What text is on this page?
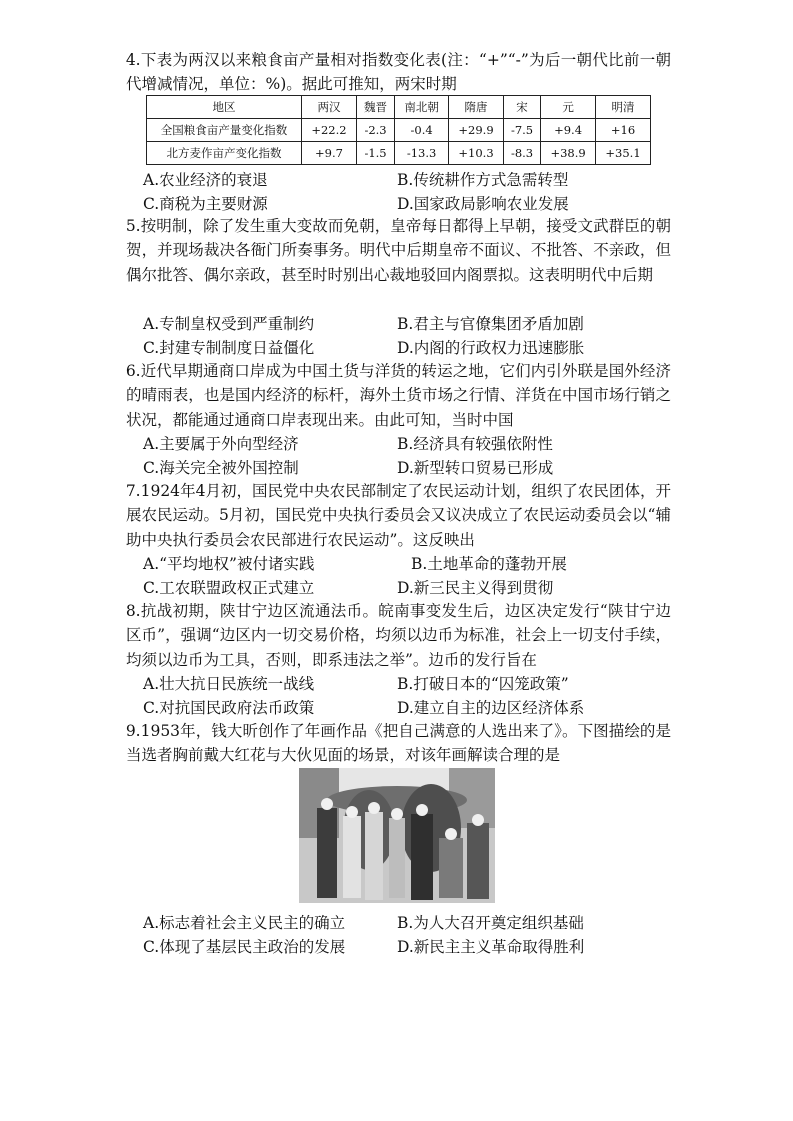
4.下表为两汉以来粮食亩产量相对指数变化表(注：“+”“-”为后一朝代比前一朝代增减情况，单位：%)。据此可推知，两宋时期
地区	两汉	魏晋	南北朝	隋唐	宋	元	明清
全国粮食亩产量变化指数	+22.2	-2.3	-0.4	+29.9	-7.5	+9.4	+16
北方麦作亩产变化指数	+9.7	-1.5	-13.3	+10.3	-8.3	+38.9	+35.1
A.农业经济的衰退	B.传统耕作方式急需转型
C.商税为主要财源	D.国家政局影响农业发展
5.按明制，除了发生重大变故而免朝，皇帝每日都得上早朝，接受文武群臣的朝贺，并现场裁决各衙门所奏事务。明代中后期皇帝不面议、不批答、不亲政，但偶尔批答、偶尔亲政，甚至时时别出心裁地驳回内阁票拟。这表明明代中后期
A.专制皇权受到严重制约	B.君主与官僚集团矛盾加剧
C.封建专制制度日益僵化	D.内阁的行政权力迅速膨胀
6.近代早期通商口岸成为中国土货与洋货的转运之地，它们内引外联是国外经济的晴雨表，也是国内经济的标杆，海外土货市场之行情、洋货在中国市场行销之状况，都能通过通商口岸表现出来。由此可知，当时中国
A.主要属于外向型经济	B.经济具有较强依附性
C.海关完全被外国控制	D.新型转口贸易已形成
7.1924年4月初，国民党中央农民部制定了农民运动计划，组织了农民团体，开展农民运动。5月初，国民党中央执行委员会又议决成立了农民运动委员会以“辅助中央执行委员会农民部进行农民运动”。这反映出
A.“平均地权”被付诸实践	B.土地革命的蓬勃开展
C.工农联盟政权正式建立	D.新三民主义得到贯彻
8.抗战初期，陕甘宁边区流通法币。皖南事变发生后，边区决定发行“陕甘宁边区币”，强调“边区内一切交易价格，均须以边币为标准，社会上一切支付手续，均须以边币为工具，否则，即系违法之举”。边币的发行旨在
A.壮大抗日民族统一战线	B.打破日本的“囚笼政策”
C.对抗国民政府法币政策	D.建立自主的边区经济体系
9.1953年，钱大昕创作了年画作品《把自己满意的人选出来了》。下图描绘的是当选者胸前戴大红花与大伙见面的场景，对该年画解读合理的是
A.标志着社会主义民主的确立	B.为人大召开奠定组织基础
C.体现了基层民主政治的发展	D.新民主主义革命取得胜利
